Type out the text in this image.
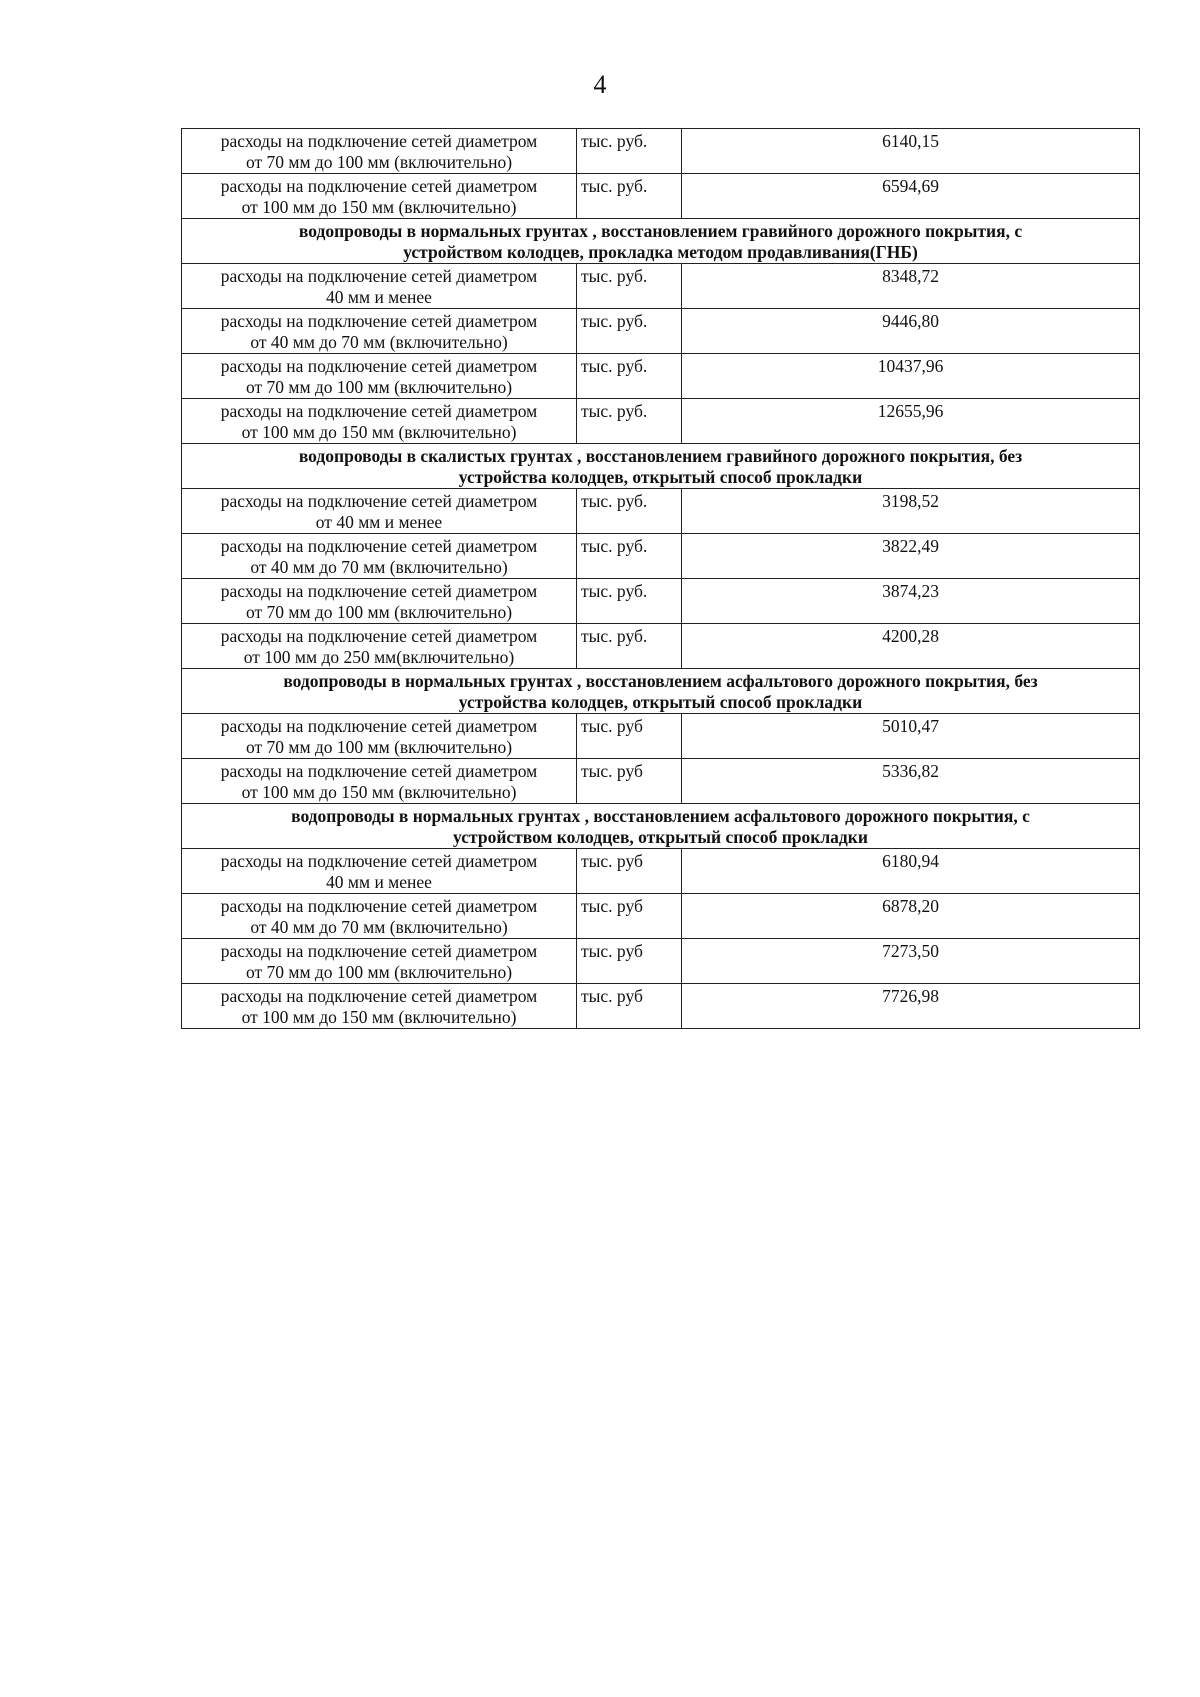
4
расходы на подключение сетей диаметром
от 70 мм до 100 мм (включительно)	тыс. руб.	6140,15

расходы на подключение сетей диаметром
от 100 мм до 150 мм (включительно)	тыс. руб.	6594,69

водопроводы в нормальных грунтах , восстановлением гравийного дорожного покрытия, с
устройством колодцев, прокладка методом продавливания(ГНБ)		

расходы на подключение сетей диаметром
40 мм и менее	тыс. руб.	8348,72

расходы на подключение сетей диаметром
от 40 мм до 70 мм (включительно)	тыс. руб.	9446,80

расходы на подключение сетей диаметром
от 70 мм до 100 мм (включительно)	тыс. руб.	10437,96

расходы на подключение сетей диаметром
от 100 мм до 150 мм (включительно)	тыс. руб.	12655,96

водопроводы в скалистых грунтах , восстановлением гравийного дорожного покрытия, без
устройства колодцев, открытый способ прокладки		

расходы на подключение сетей диаметром
от 40 мм и менее	тыс. руб.	3198,52

расходы на подключение сетей диаметром
от 40 мм до 70 мм (включительно)	тыс. руб.	3822,49

расходы на подключение сетей диаметром
от 70 мм до 100 мм (включительно)	тыс. руб.	3874,23

расходы на подключение сетей диаметром
от 100 мм до 250 мм(включительно)	тыс. руб.	4200,28

водопроводы в нормальных грунтах , восстановлением асфальтового дорожного покрытия, без
устройства колодцев, открытый способ прокладки		

расходы на подключение сетей диаметром
от 70 мм до 100 мм (включительно)	тыс. руб	5010,47

расходы на подключение сетей диаметром
от 100 мм до 150 мм (включительно)	тыс. руб	5336,82

водопроводы в нормальных грунтах , восстановлением асфальтового дорожного покрытия, с
устройством колодцев, открытый способ прокладки		

расходы на подключение сетей диаметром
40 мм и менее	тыс. руб	6180,94

расходы на подключение сетей диаметром
от 40 мм до 70 мм (включительно)	тыс. руб	6878,20

расходы на подключение сетей диаметром
от 70 мм до 100 мм (включительно)	тыс. руб	7273,50

расходы на подключение сетей диаметром
от 100 мм до 150 мм (включительно)	тыс. руб	7726,98
